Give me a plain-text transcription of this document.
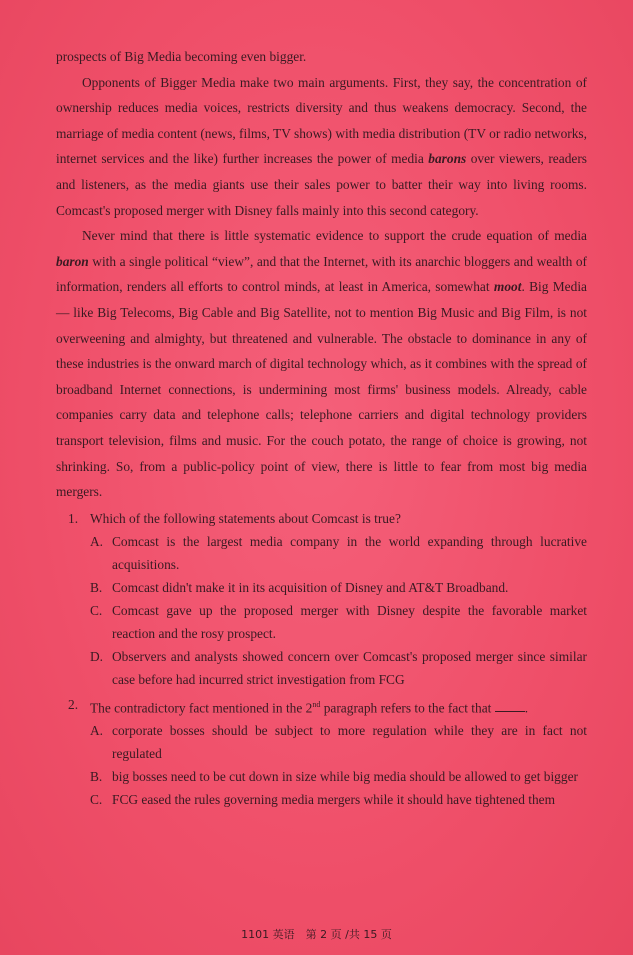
prospects of Big Media becoming even bigger.

Opponents of Bigger Media make two main arguments. First, they say, the concentration of ownership reduces media voices, restricts diversity and thus weakens democracy. Second, the marriage of media content (news, films, TV shows) with media distribution (TV or radio networks, internet services and the like) further increases the power of media barons over viewers, readers and listeners, as the media giants use their sales power to batter their way into living rooms. Comcast's proposed merger with Disney falls mainly into this second category.

Never mind that there is little systematic evidence to support the crude equation of media baron with a single political “view”, and that the Internet, with its anarchic bloggers and wealth of information, renders all efforts to control minds, at least in America, somewhat moot. Big Media — like Big Telecoms, Big Cable and Big Satellite, not to mention Big Music and Big Film, is not overweening and almighty, but threatened and vulnerable. The obstacle to dominance in any of these industries is the onward march of digital technology which, as it combines with the spread of broadband Internet connections, is undermining most firms' business models. Already, cable companies carry data and telephone calls; telephone carriers and digital technology providers transport television, films and music. For the couch potato, the range of choice is growing, not shrinking. So, from a public-policy point of view, there is little to fear from most big media mergers.

1. Which of the following statements about Comcast is true?
A. Comcast is the largest media company in the world expanding through lucrative acquisitions.
B. Comcast didn't make it in its acquisition of Disney and AT&T Broadband.
C. Comcast gave up the proposed merger with Disney despite the favorable market reaction and the rosy prospect.
D. Observers and analysts showed concern over Comcast's proposed merger since similar case before had incurred strict investigation from FCG
2. The contradictory fact mentioned in the 2nd paragraph refers to the fact that .
A. corporate bosses should be subject to more regulation while they are in fact not regulated
B. big bosses need to be cut down in size while big media should be allowed to get bigger
C. FCG eased the rules governing media mergers while it should have tightened them
1101 英语　第 2 页 /共 15 页
